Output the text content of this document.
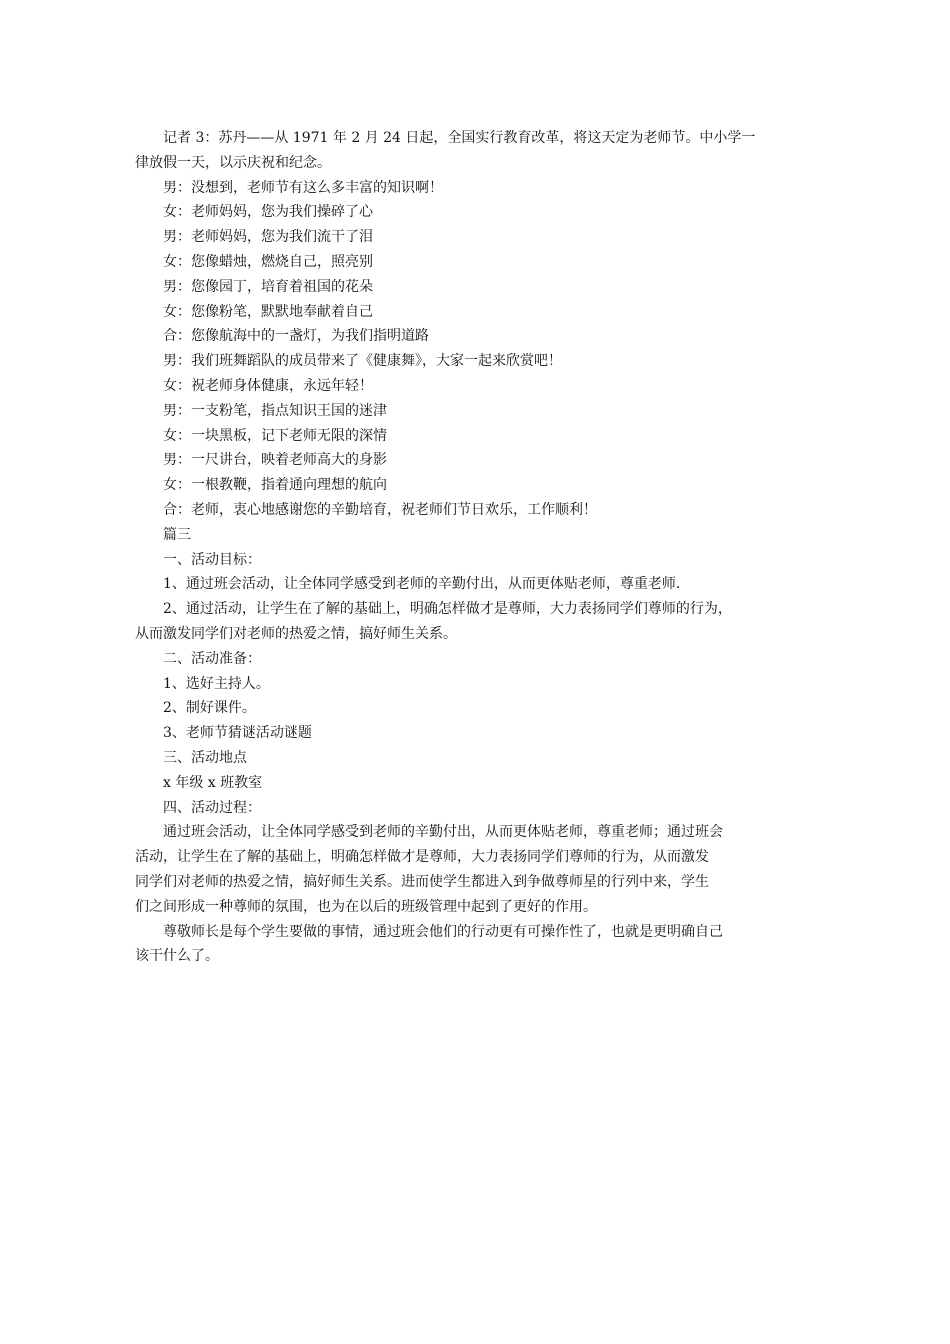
记者 3：苏丹——从 1971 年 2 月 24 日起，全国实行教育改革，将这天定为老师节。中小学一

律放假一天，以示庆祝和纪念。

男：没想到，老师节有这么多丰富的知识啊！

女：老师妈妈，您为我们操碎了心

男：老师妈妈，您为我们流干了泪

女：您像蜡烛，燃烧自己，照亮别

男：您像园丁，培育着祖国的花朵

女：您像粉笔，默默地奉献着自己

合：您像航海中的一盏灯，为我们指明道路

男：我们班舞蹈队的成员带来了《健康舞》，大家一起来欣赏吧！

女：祝老师身体健康，永远年轻！

男：一支粉笔，指点知识王国的迷津

女：一块黑板，记下老师无限的深情

男：一尺讲台，映着老师高大的身影

女：一根教鞭，指着通向理想的航向

合：老师，衷心地感谢您的辛勤培育，祝老师们节日欢乐，工作顺利！

篇三

一、活动目标：

1、通过班会活动，让全体同学感受到老师的辛勤付出，从而更体贴老师，尊重老师.

2、通过活动，让学生在了解的基础上，明确怎样做才是尊师，大力表扬同学们尊师的行为，

从而激发同学们对老师的热爱之情，搞好师生关系。

二、活动准备：

1、选好主持人。

2、制好课件。

3、老师节猜谜活动谜题

三、活动地点

x 年级 x 班教室

四、活动过程：

通过班会活动，让全体同学感受到老师的辛勤付出，从而更体贴老师，尊重老师；通过班会

活动，让学生在了解的基础上，明确怎样做才是尊师，大力表扬同学们尊师的行为，从而激发

同学们对老师的热爱之情，搞好师生关系。进而使学生都进入到争做尊师星的行列中来，学生

们之间形成一种尊师的氛围，也为在以后的班级管理中起到了更好的作用。

尊敬师长是每个学生要做的事情，通过班会他们的行动更有可操作性了，也就是更明确自己

该干什么了。
